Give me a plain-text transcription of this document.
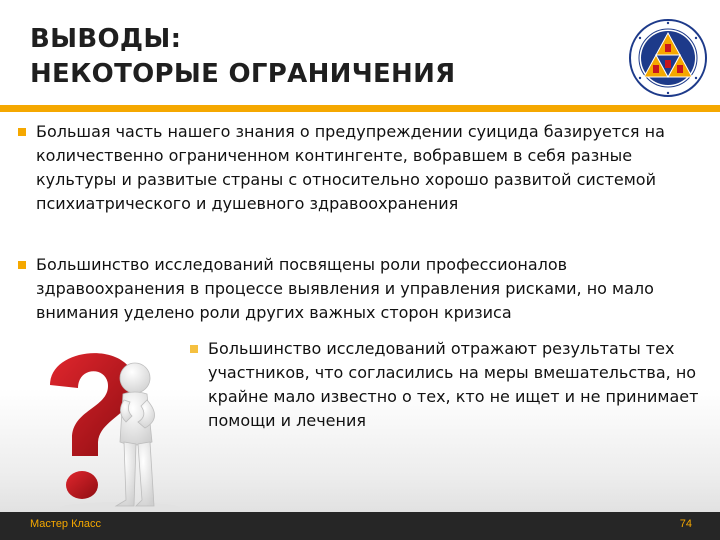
ВЫВОДЫ:
НЕКОТОРЫЕ ОГРАНИЧЕНИЯ
Большая часть нашего знания о предупреждении суицида базируется на количественно ограниченном контингенте, вобравшем в себя разные культуры и развитые страны с относительно хорошо развитой системой психиатрического и душевного здравоохранения
Большинство исследований посвящены роли профессионалов здравоохранения в процессе выявления и управления рисками, но мало внимания уделено роли других важных сторон кризиса
Большинство исследований отражают результаты тех участников, что согласились на меры вмешательства, но крайне мало известно о тех, кто не ищет и не принимает помощи и лечения
Мастер Класс	74
